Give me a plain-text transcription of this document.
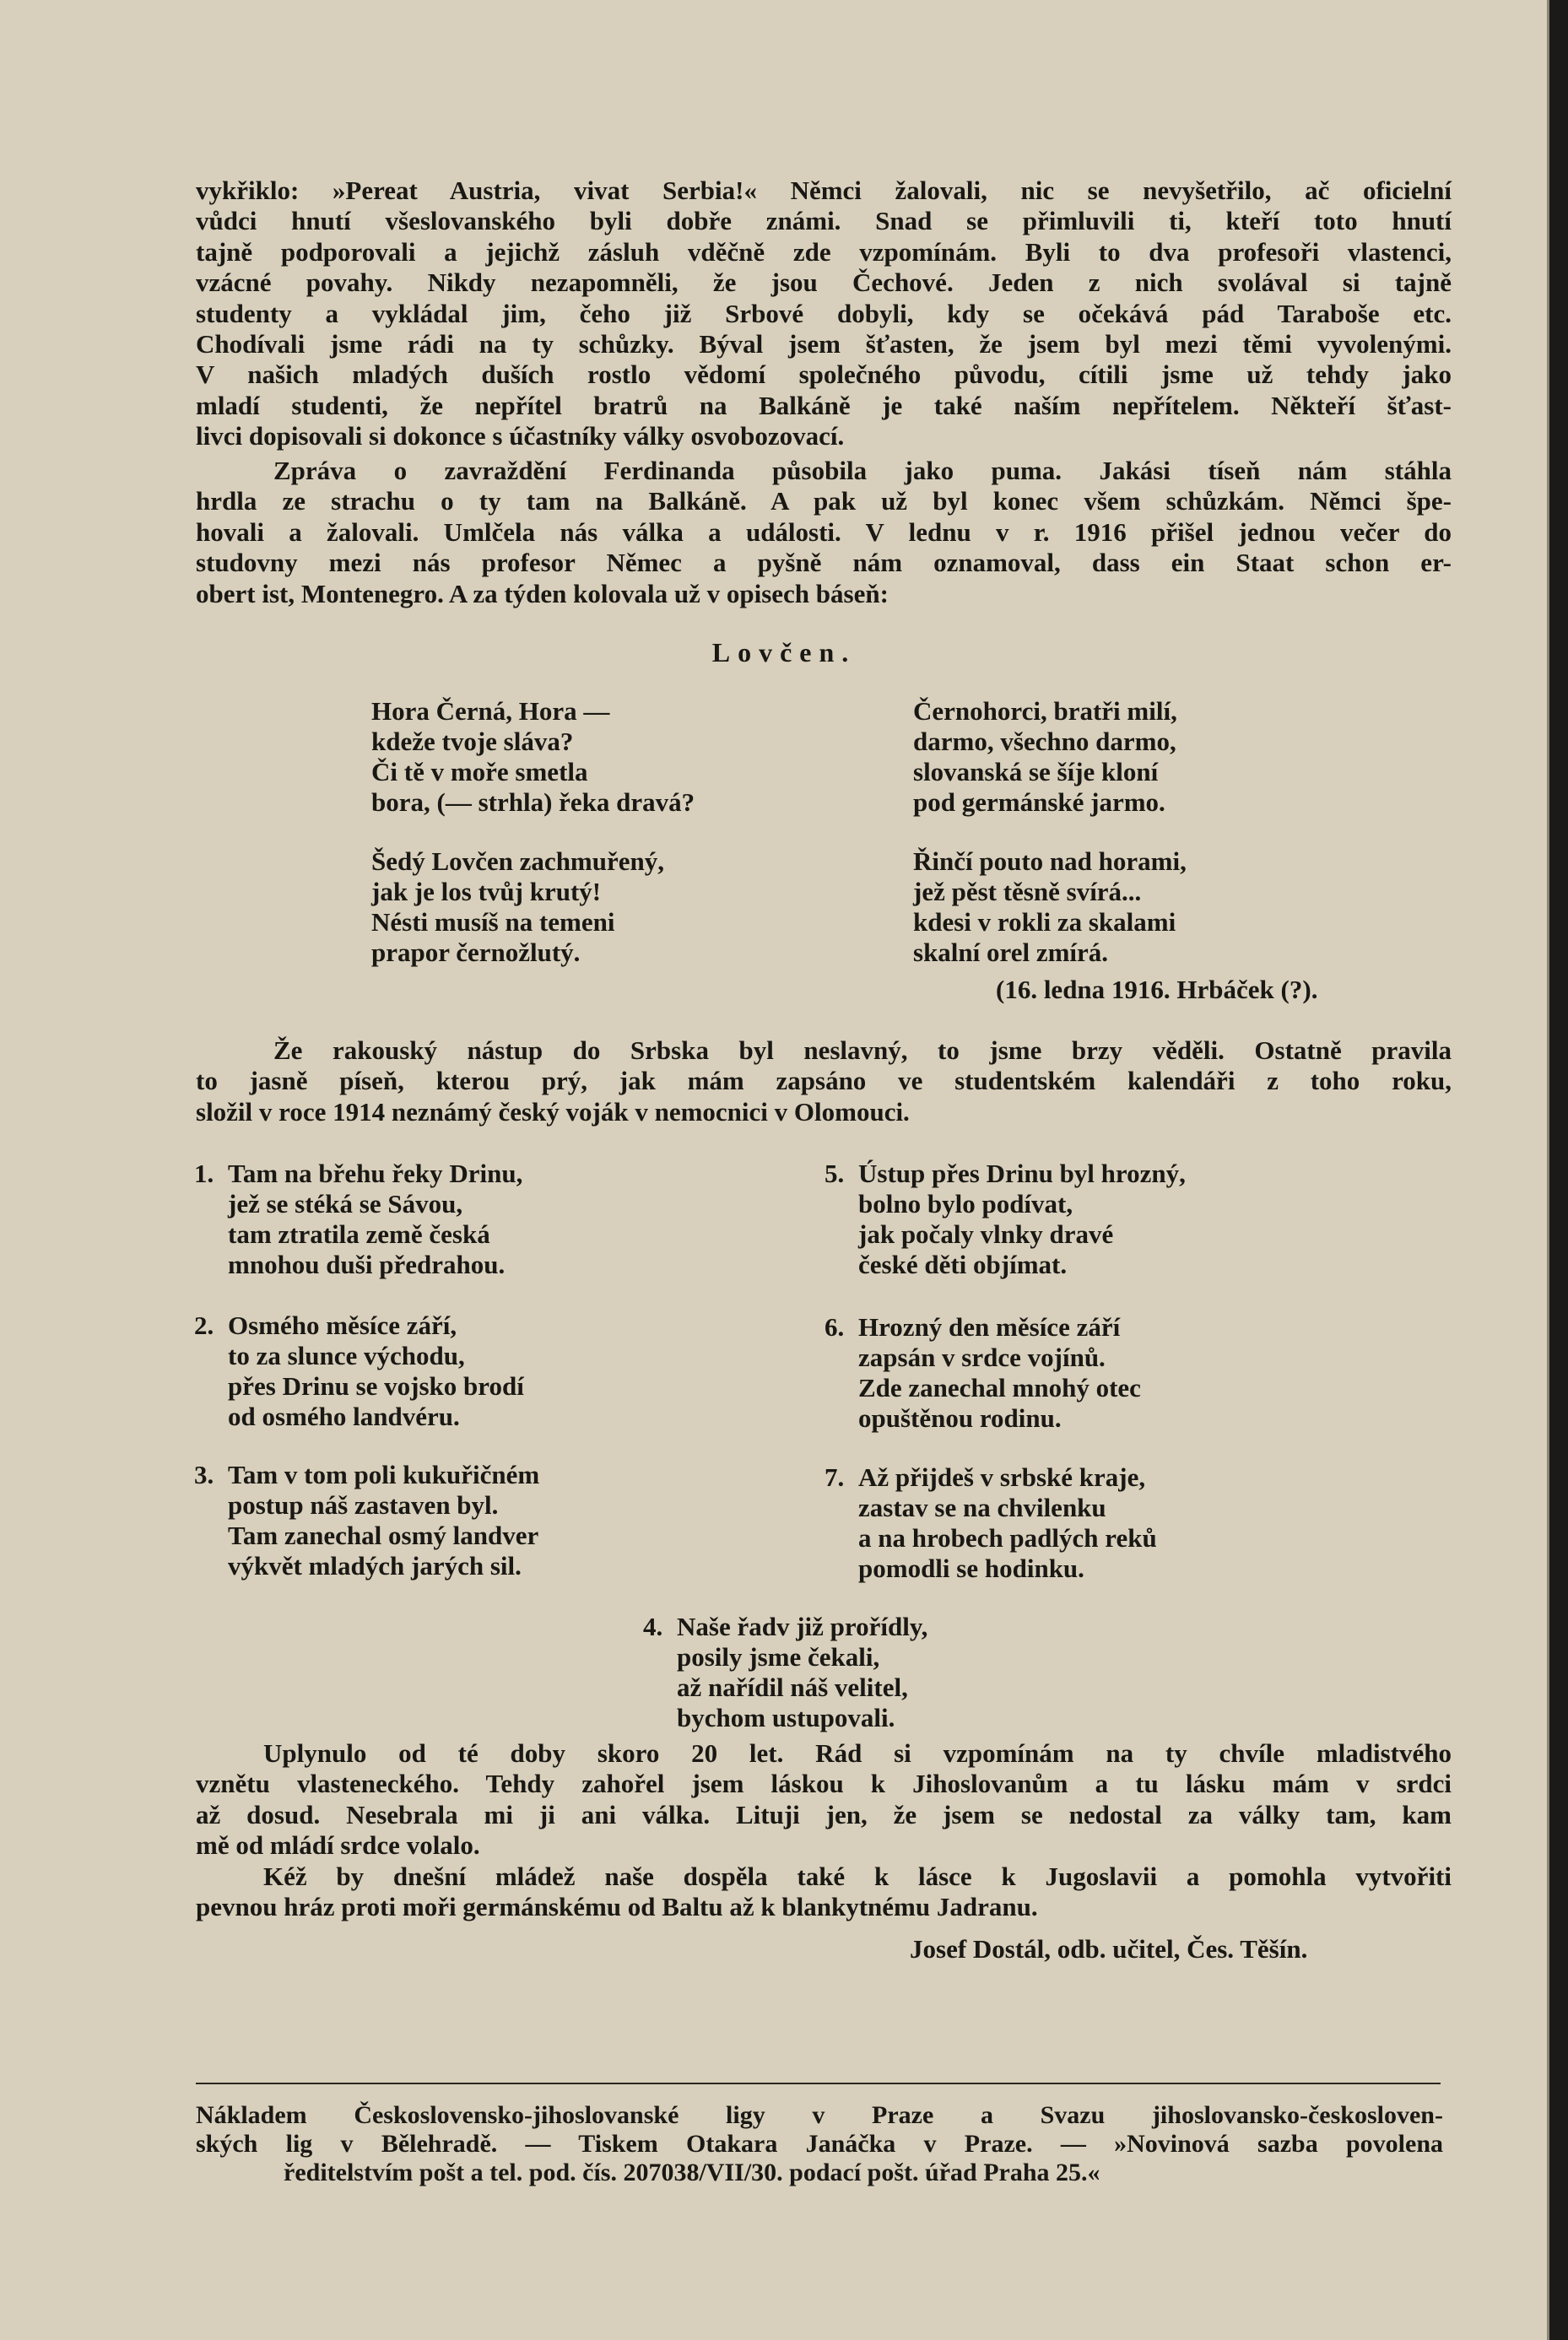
vykřiklo: »Pereat Austria, vivat Serbia!« Němci žalovali, nic se nevyšetřilo, ač oficielní
vůdci hnutí všeslovanského byli dobře známi. Snad se přimluvili ti, kteří toto hnutí
tajně podporovali a jejichž zásluh vděčně zde vzpomínám. Byli to dva profesoři vlastenci,
vzácné povahy. Nikdy nezapomněli, že jsou Čechové. Jeden z nich svolával si tajně
studenty a vykládal jim, čeho již Srbové dobyli, kdy se očekává pád Taraboše etc.
Chodívali jsme rádi na ty schůzky. Býval jsem šťasten, že jsem byl mezi těmi vyvolenými.
V našich mladých duších rostlo vědomí společného původu, cítili jsme už tehdy jako
mladí studenti, že nepřítel bratrů na Balkáně je také naším nepřítelem. Někteří šťast-
livci dopisovali si dokonce s účastníky války osvobozovací.
Zpráva o zavraždění Ferdinanda působila jako puma. Jakási tíseň nám stáhla
hrdla ze strachu o ty tam na Balkáně. A pak už byl konec všem schůzkám. Němci špe-
hovali a žalovali. Umlčela nás válka a události. V lednu v r. 1916 přišel jednou večer do
studovny mezi nás profesor Němec a pyšně nám oznamoval, dass ein Staat schon er-
obert ist, Montenegro. A za týden kolovala už v opisech báseň:
Lovčen.
Hora Černá, Hora —
kdeže tvoje sláva?
Či tě v moře smetla
bora, (— strhla) řeka dravá?
Šedý Lovčen zachmuřený,
jak je los tvůj krutý!
Nésti musíš na temeni
prapor černožlutý.
Černohorci, bratři milí,
darmo, všechno darmo,
slovanská se šíje kloní
pod germánské jarmo.
Řinčí pouto nad horami,
jež pěst těsně svírá...
kdesi v rokli za skalami
skalní orel zmírá.
(16. ledna 1916. Hrbáček (?).
Že rakouský nástup do Srbska byl neslavný, to jsme brzy věděli. Ostatně pravila
to jasně píseň, kterou prý, jak mám zapsáno ve studentském kalendáři z toho roku,
složil v roce 1914 neznámý český voják v nemocnici v Olomouci.
1. Tam na břehu řeky Drinu,
jež se stéká se Sávou,
tam ztratila země česká
mnohou duši předrahou.
2. Osmého měsíce září,
to za slunce východu,
přes Drinu se vojsko brodí
od osmého landvéru.
3. Tam v tom poli kukuřičném
postup náš zastaven byl.
Tam zanechal osmý landver
výkvět mladých jarých sil.
4. Naše řadv již prořídly,
posily jsme čekali,
až nařídil náš velitel,
bychom ustupovali.
5. Ústup přes Drinu byl hrozný,
bolno bylo podívat,
jak počaly vlnky dravé
české děti objímat.
6. Hrozný den měsíce září
zapsán v srdce vojínů.
Zde zanechal mnohý otec
opuštěnou rodinu.
7. Až přijdeš v srbské kraje,
zastav se na chvilenku
a na hrobech padlých reků
pomodli se hodinku.
Uplynulo od té doby skoro 20 let. Rád si vzpomínám na ty chvíle mladistvého
vznětu vlasteneckého. Tehdy zahořel jsem láskou k Jihoslovanům a tu lásku mám v srdci
až dosud. Nesebrala mi ji ani válka. Lituji jen, že jsem se nedostal za války tam, kam
mě od mládí srdce volalo.
Kéž by dnešní mládež naše dospěla také k lásce k Jugoslavii a pomohla vytvořiti
pevnou hráz proti moři germánskému od Baltu až k blankytnému Jadranu.
Josef Dostál, odb. učitel, Čes. Těšín.
Nákladem Československo-jihoslovanské ligy v Praze a Svazu jihoslovansko-českosloven-
ských lig v Bělehradě. — Tiskem Otakara Janáčka v Praze. — »Novinová sazba povolena
ředitelstvím pošt a tel. pod. čís. 207038/VII/30. podací pošt. úřad Praha 25.«
